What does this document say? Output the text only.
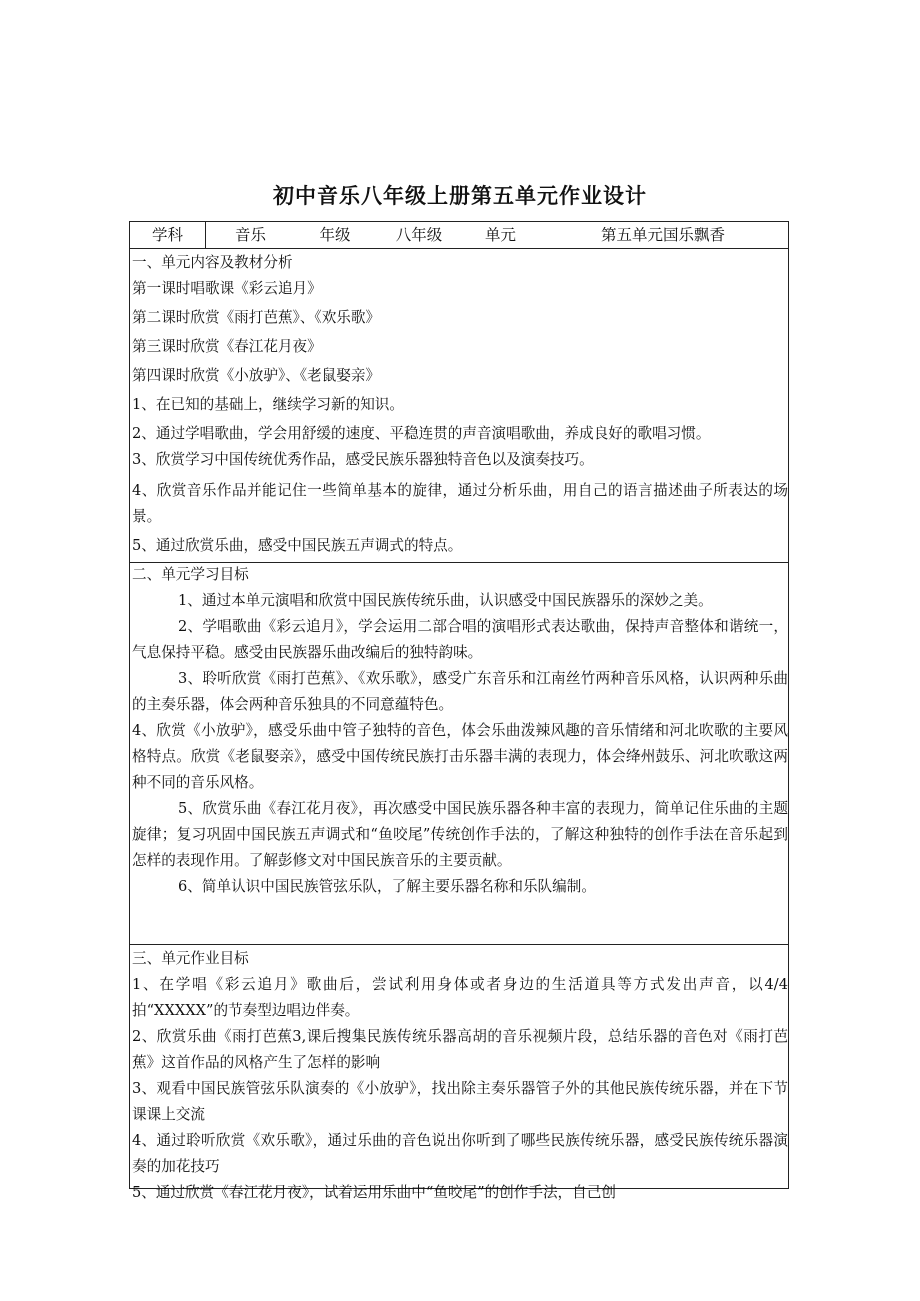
初中音乐八年级上册第五单元作业设计
学科	音乐	年级	八年级	单元	第五单元国乐飘香
一、单元内容及教材分析
第一课时唱歌课《彩云追月》
第二课时欣赏《雨打芭蕉》、《欢乐歌》
第三课时欣赏《春江花月夜》
第四课时欣赏《小放驴》、《老鼠娶亲》
1、在已知的基础上，继续学习新的知识。
2、通过学唱歌曲，学会用舒缓的速度、平稳连贯的声音演唱歌曲，养成良好的歌唱习惯。
3、欣赏学习中国传统优秀作品，感受民族乐器独特音色以及演奏技巧。
4、欣赏音乐作品并能记住一些简单基本的旋律，通过分析乐曲，用自己的语言描述曲子所表达的场景。
5、通过欣赏乐曲，感受中国民族五声调式的特点。
二、单元学习目标
1、通过本单元演唱和欣赏中国民族传统乐曲，认识感受中国民族器乐的深妙之美。
2、学唱歌曲《彩云追月》，学会运用二部合唱的演唱形式表达歌曲，保持声音整体和谐统一，气息保持平稳。感受由民族器乐曲改编后的独特韵味。
3、聆听欣赏《雨打芭蕉》、《欢乐歌》，感受广东音乐和江南丝竹两种音乐风格，认识两种乐曲的主奏乐器，体会两种音乐独具的不同意蕴特色。
4、欣赏《小放驴》，感受乐曲中管子独特的音色，体会乐曲泼辣风趣的音乐情绪和河北吹歌的主要风格特点。欣赏《老鼠娶亲》，感受中国传统民族打击乐器丰满的表现力，体会绛州鼓乐、河北吹歌这两种不同的音乐风格。
5、欣赏乐曲《春江花月夜》，再次感受中国民族乐器各种丰富的表现力，简单记住乐曲的主题旋律；复习巩固中国民族五声调式和“鱼咬尾”传统创作手法的，了解这种独特的创作手法在音乐起到怎样的表现作用。了解彭修文对中国民族音乐的主要贡献。
6、简单认识中国民族管弦乐队，了解主要乐器名称和乐队编制。
三、单元作业目标
1、在学唱《彩云追月》歌曲后，尝试利用身体或者身边的生活道具等方式发出声音，以4/4拍“XXXXX”的节奏型边唱边伴奏。
2、欣赏乐曲《雨打芭蕉3,课后搜集民族传统乐器高胡的音乐视频片段，总结乐器的音色对《雨打芭蕉》这首作品的风格产生了怎样的影响
3、观看中国民族管弦乐队演奏的《小放驴》，找出除主奏乐器管子外的其他民族传统乐器，并在下节课课上交流
4、通过聆听欣赏《欢乐歌》，通过乐曲的音色说出你听到了哪些民族传统乐器，感受民族传统乐器演奏的加花技巧
5、通过欣赏《春江花月夜》，试着运用乐曲中“鱼咬尾”的创作手法，自己创
